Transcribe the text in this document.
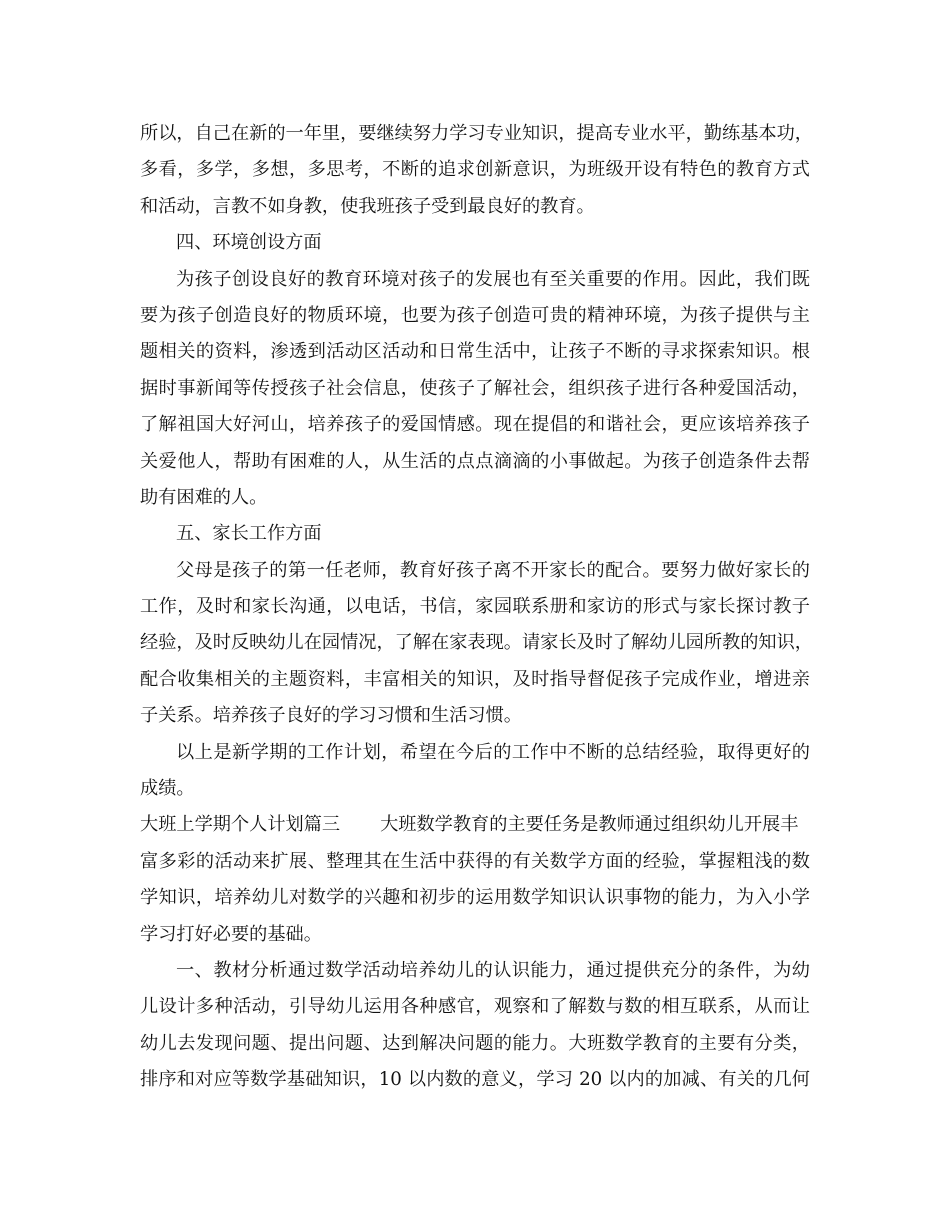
所以，自己在新的一年里，要继续努力学习专业知识，提高专业水平，勤练基本功，
多看，多学，多想，多思考，不断的追求创新意识，为班级开设有特色的教育方式
和活动，言教不如身教，使我班孩子受到最良好的教育。
四、环境创设方面
为孩子创设良好的教育环境对孩子的发展也有至关重要的作用。因此，我们既
要为孩子创造良好的物质环境，也要为孩子创造可贵的精神环境，为孩子提供与主
题相关的资料，渗透到活动区活动和日常生活中，让孩子不断的寻求探索知识。根
据时事新闻等传授孩子社会信息，使孩子了解社会，组织孩子进行各种爱国活动，
了解祖国大好河山，培养孩子的爱国情感。现在提倡的和谐社会，更应该培养孩子
关爱他人，帮助有困难的人，从生活的点点滴滴的小事做起。为孩子创造条件去帮
助有困难的人。
五、家长工作方面
父母是孩子的第一任老师，教育好孩子离不开家长的配合。要努力做好家长的
工作，及时和家长沟通，以电话，书信，家园联系册和家访的形式与家长探讨教子
经验，及时反映幼儿在园情况，了解在家表现。请家长及时了解幼儿园所教的知识，
配合收集相关的主题资料，丰富相关的知识，及时指导督促孩子完成作业，增进亲
子关系。培养孩子良好的学习习惯和生活习惯。
以上是新学期的工作计划，希望在今后的工作中不断的总结经验，取得更好的
成绩。
大班上学期个人计划篇三 大班数学教育的主要任务是教师通过组织幼儿开展丰
富多彩的活动来扩展、整理其在生活中获得的有关数学方面的经验，掌握粗浅的数
学知识，培养幼儿对数学的兴趣和初步的运用数学知识认识事物的能力，为入小学
学习打好必要的基础。
一、教材分析通过数学活动培养幼儿的认识能力，通过提供充分的条件，为幼
儿设计多种活动，引导幼儿运用各种感官，观察和了解数与数的相互联系，从而让
幼儿去发现问题、提出问题、达到解决问题的能力。大班数学教育的主要有分类，
排序和对应等数学基础知识，10 以内数的意义，学习 20 以内的加减、有关的几何
